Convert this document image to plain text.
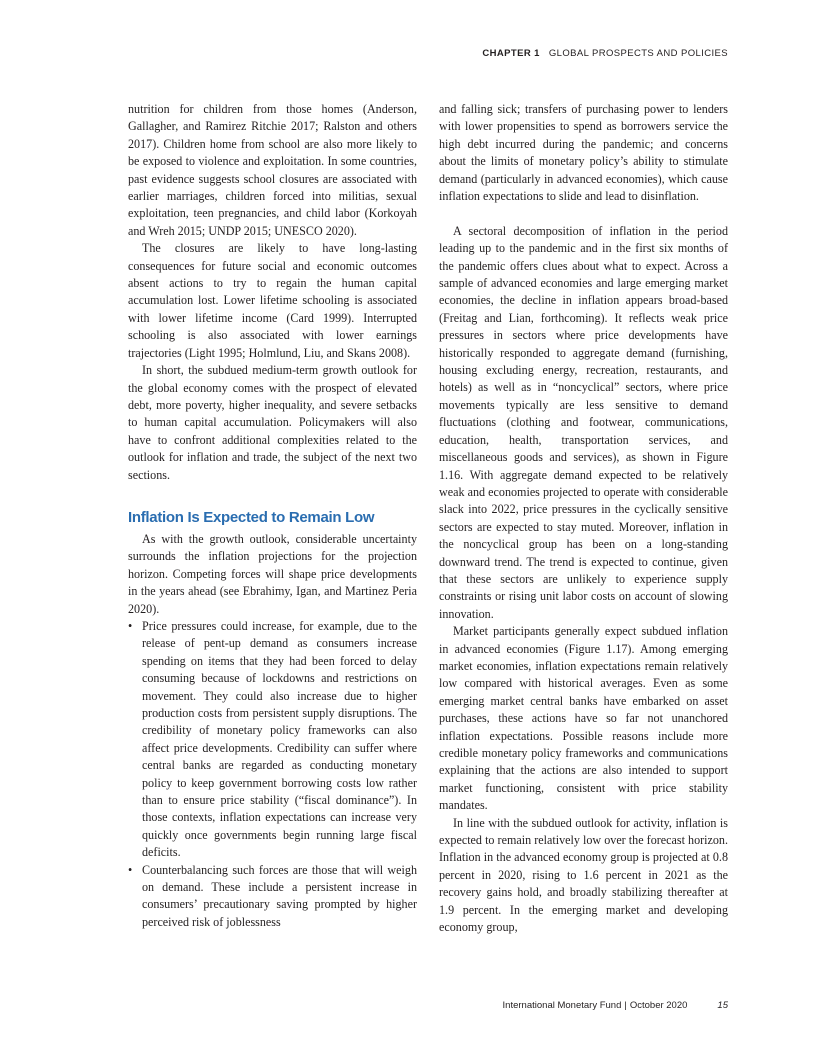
CHAPTER 1 GLOBAL PROSPECTS AND POLICIES

nutrition for children from those homes (Anderson, Gallagher, and Ramirez Ritchie 2017; Ralston and others 2017). Children home from school are also more likely to be exposed to violence and exploitation. In some countries, past evidence suggests school closures are associated with earlier marriages, children forced into militias, sexual exploitation, teen pregnancies, and child labor (Korkoyah and Wreh 2015; UNDP 2015; UNESCO 2020).

The closures are likely to have long-lasting consequences for future social and economic outcomes absent actions to try to regain the human capital accumulation lost. Lower lifetime schooling is associated with lower lifetime income (Card 1999). Interrupted schooling is also associated with lower earnings trajectories (Light 1995; Holmlund, Liu, and Skans 2008).

In short, the subdued medium-term growth outlook for the global economy comes with the prospect of elevated debt, more poverty, higher inequality, and severe setbacks to human capital accumulation. Policymakers will also have to confront additional complexities related to the outlook for inflation and trade, the subject of the next two sections.

Inflation Is Expected to Remain Low

As with the growth outlook, considerable uncertainty surrounds the inflation projections for the projection horizon. Competing forces will shape price developments in the years ahead (see Ebrahimy, Igan, and Martinez Peria 2020).

• Price pressures could increase, for example, due to the release of pent-up demand as consumers increase spending on items that they had been forced to delay consuming because of lockdowns and restrictions on movement. They could also increase due to higher production costs from persistent supply disruptions. The credibility of monetary policy frameworks can also affect price developments. Credibility can suffer where central banks are regarded as conducting monetary policy to keep government borrowing costs low rather than to ensure price stability (“fiscal dominance”). In those contexts, inflation expectations can increase very quickly once governments begin running large fiscal deficits.

• Counterbalancing such forces are those that will weigh on demand. These include a persistent increase in consumers’ precautionary saving prompted by higher perceived risk of joblessness

and falling sick; transfers of purchasing power to lenders with lower propensities to spend as borrowers service the high debt incurred during the pandemic; and concerns about the limits of monetary policy’s ability to stimulate demand (particularly in advanced economies), which cause inflation expectations to slide and lead to disinflation.

A sectoral decomposition of inflation in the period leading up to the pandemic and in the first six months of the pandemic offers clues about what to expect. Across a sample of advanced economies and large emerging market economies, the decline in inflation appears broad-based (Freitag and Lian, forthcoming). It reflects weak price pressures in sectors where price developments have historically responded to aggregate demand (furnishing, housing excluding energy, recreation, restaurants, and hotels) as well as in “noncyclical” sectors, where price movements typically are less sensitive to demand fluctuations (clothing and footwear, communications, education, health, transportation services, and miscellaneous goods and services), as shown in Figure 1.16. With aggregate demand expected to be relatively weak and economies projected to operate with considerable slack into 2022, price pressures in the cyclically sensitive sectors are expected to stay muted. Moreover, inflation in the noncyclical group has been on a long-standing downward trend. The trend is expected to continue, given that these sectors are unlikely to experience supply constraints or rising unit labor costs on account of slowing innovation.

Market participants generally expect subdued inflation in advanced economies (Figure 1.17). Among emerging market economies, inflation expectations remain relatively low compared with historical averages. Even as some emerging market central banks have embarked on asset purchases, these actions have so far not unanchored inflation expectations. Possible reasons include more credible monetary policy frameworks and communications explaining that the actions are also intended to support market functioning, consistent with price stability mandates.

In line with the subdued outlook for activity, inflation is expected to remain relatively low over the forecast horizon. Inflation in the advanced economy group is projected at 0.8 percent in 2020, rising to 1.6 percent in 2021 as the recovery gains hold, and broadly stabilizing thereafter at 1.9 percent. In the emerging market and developing economy group,

International Monetary Fund | October 2020	15
